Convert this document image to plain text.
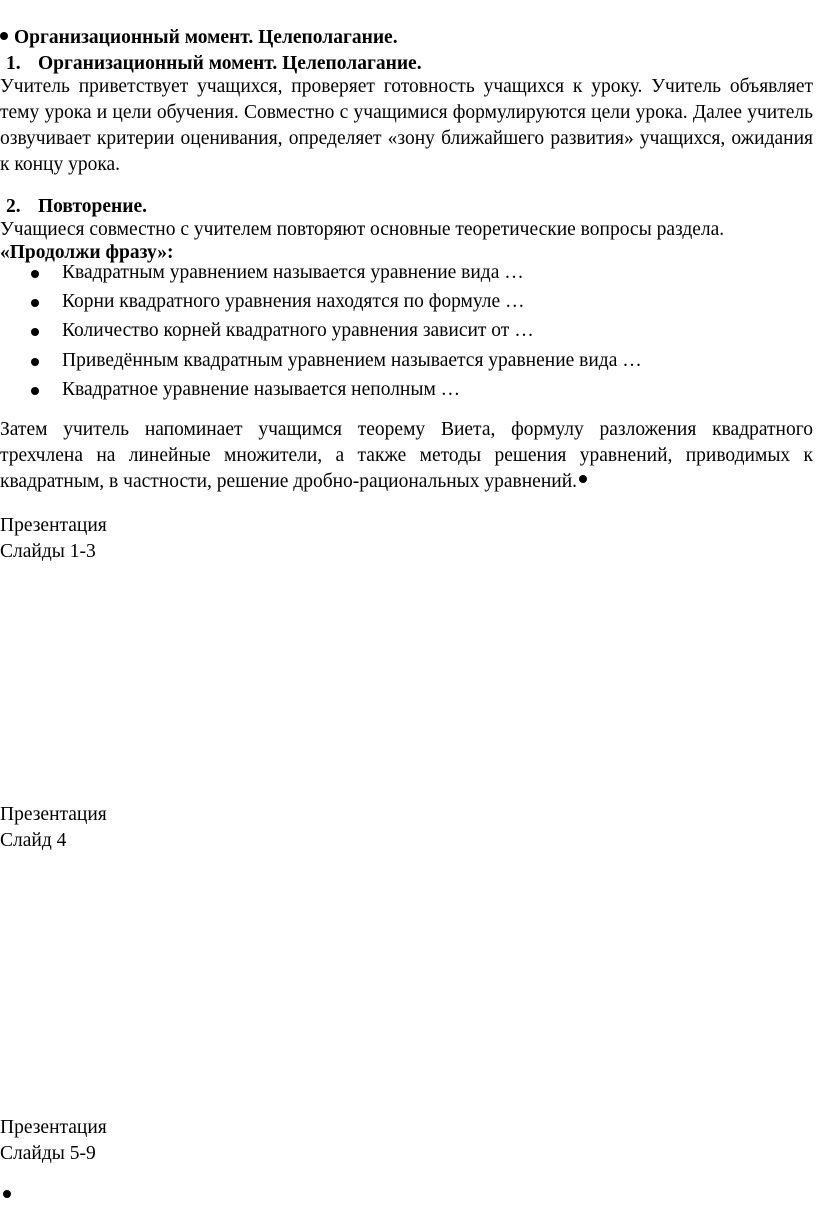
Организационный момент. Целеполагание.

1. Организационный момент. Целеполагание.

Учитель приветствует учащихся, проверяет готовность учащихся к уроку. Учитель объявляет тему урока и цели обучения. Совместно с учащимися формулируются цели урока. Далее учитель озвучивает критерии оценивания, определяет «зону ближайшего развития» учащихся, ожидания к концу урока.

2. Повторение.

Учащиеся совместно с учителем повторяют основные теоретические вопросы раздела.

«Продолжи фразу»:

Квадратным уравнением называется уравнение вида …
Корни квадратного уравнения находятся по формуле …
Количество корней квадратного уравнения зависит от …
Приведённым квадратным уравнением называется уравнение вида …
Квадратное уравнение называется неполным …

Затем учитель напоминает учащимся теорему Виета, формулу разложения квадратного трехчлена на линейные множители, а также методы решения уравнений, приводимых к квадратным, в частности, решение дробно-рациональных уравнений.

Презентация
Слайды 1-3
Презентация
Слайд 4
Презентация
Слайды 5-9
